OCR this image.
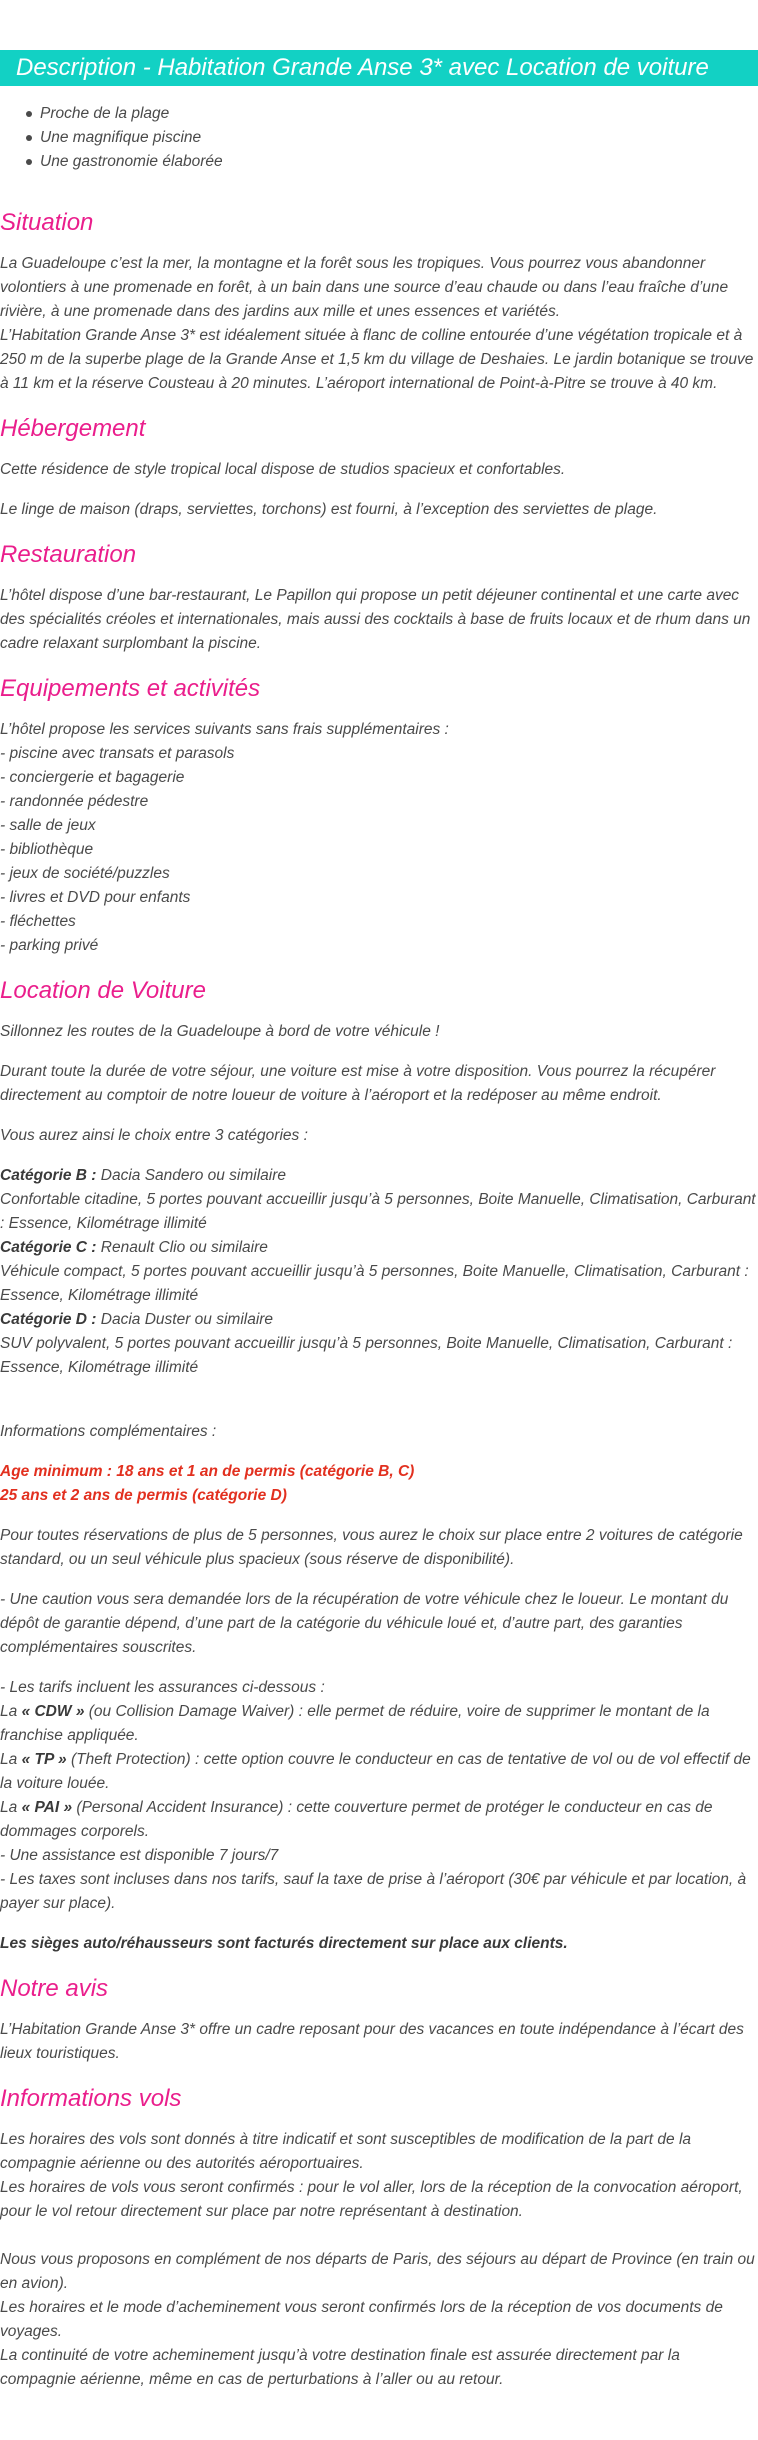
Description - Habitation Grande Anse 3* avec Location de voiture
Proche de la plage
Une magnifique piscine
Une gastronomie élaborée
Situation

La Guadeloupe c’est la mer, la montagne et la forêt sous les tropiques. Vous pourrez vous abandonner volontiers à une promenade en forêt, à un bain dans une source d’eau chaude ou dans l’eau fraîche d’une rivière, à une promenade dans des jardins aux mille et unes essences et variétés.

L’Habitation Grande Anse 3* est idéalement située à flanc de colline entourée d’une végétation tropicale et à 250 m de la superbe plage de la Grande Anse et 1,5 km du village de Deshaies. Le jardin botanique se trouve à 11 km et la réserve Cousteau à 20 minutes. L’aéroport international de Point-à-Pitre se trouve à 40 km.

Hébergement

Cette résidence de style tropical local dispose de studios spacieux et confortables.

Le linge de maison (draps, serviettes, torchons) est fourni, à l’exception des serviettes de plage.

Restauration

L’hôtel dispose d’une bar-restaurant, Le Papillon qui propose un petit déjeuner continental et une carte avec des spécialités créoles et internationales, mais aussi des cocktails à base de fruits locaux et de rhum dans un cadre relaxant surplombant la piscine.

Equipements et activités

L’hôtel propose les services suivants sans frais supplémentaires :

- piscine avec transats et parasols

- conciergerie et bagagerie

- randonnée pédestre

- salle de jeux

- bibliothèque

- jeux de société/puzzles

- livres et DVD pour enfants

- fléchettes

- parking privé

Location de Voiture

Sillonnez les routes de la Guadeloupe à bord de votre véhicule !

Durant toute la durée de votre séjour, une voiture est mise à votre disposition. Vous pourrez la récupérer directement au comptoir de notre loueur de voiture à l’aéroport et la redéposer au même endroit.

Vous aurez ainsi le choix entre 3 catégories :

Catégorie B : Dacia Sandero ou similaire

Confortable citadine, 5 portes pouvant accueillir jusqu’à 5 personnes, Boite Manuelle, Climatisation, Carburant : Essence, Kilométrage illimité

Catégorie C : Renault Clio ou similaire

Véhicule compact, 5 portes pouvant accueillir jusqu’à 5 personnes, Boite Manuelle, Climatisation, Carburant : Essence, Kilométrage illimité

Catégorie D : Dacia Duster ou similaire

SUV polyvalent, 5 portes pouvant accueillir jusqu’à 5 personnes, Boite Manuelle, Climatisation, Carburant : Essence, Kilométrage illimité

Informations complémentaires :

Age minimum : 18 ans et 1 an de permis (catégorie B, C)

25 ans et 2 ans de permis (catégorie D)

Pour toutes réservations de plus de 5 personnes, vous aurez le choix sur place entre 2 voitures de catégorie standard, ou un seul véhicule plus spacieux (sous réserve de disponibilité).

- Une caution vous sera demandée lors de la récupération de votre véhicule chez le loueur. Le montant du dépôt de garantie dépend, d’une part de la catégorie du véhicule loué et, d’autre part, des garanties complémentaires souscrites.

- Les tarifs incluent les assurances ci-dessous :

La « CDW » (ou Collision Damage Waiver) : elle permet de réduire, voire de supprimer le montant de la franchise appliquée.

La « TP » (Theft Protection) : cette option couvre le conducteur en cas de tentative de vol ou de vol effectif de la voiture louée.

La « PAI » (Personal Accident Insurance) : cette couverture permet de protéger le conducteur en cas de dommages corporels.

- Une assistance est disponible 7 jours/7

- Les taxes sont incluses dans nos tarifs, sauf la taxe de prise à l’aéroport (30€ par véhicule et par location, à payer sur place).

Les sièges auto/réhausseurs sont facturés directement sur place aux clients.

Notre avis

L’Habitation Grande Anse 3* offre un cadre reposant pour des vacances en toute indépendance à l’écart des lieux touristiques.

Informations vols

Les horaires des vols sont donnés à titre indicatif et sont susceptibles de modification de la part de la compagnie aérienne ou des autorités aéroportuaires.

Les horaires de vols vous seront confirmés : pour le vol aller, lors de la réception de la convocation aéroport, pour le vol retour directement sur place par notre représentant à destination.

Nous vous proposons en complément de nos départs de Paris, des séjours au départ de Province (en train ou en avion).

Les horaires et le mode d’acheminement vous seront confirmés lors de la réception de vos documents de voyages.

La continuité de votre acheminement jusqu’à votre destination finale est assurée directement par la compagnie aérienne, même en cas de perturbations à l’aller ou au retour.
